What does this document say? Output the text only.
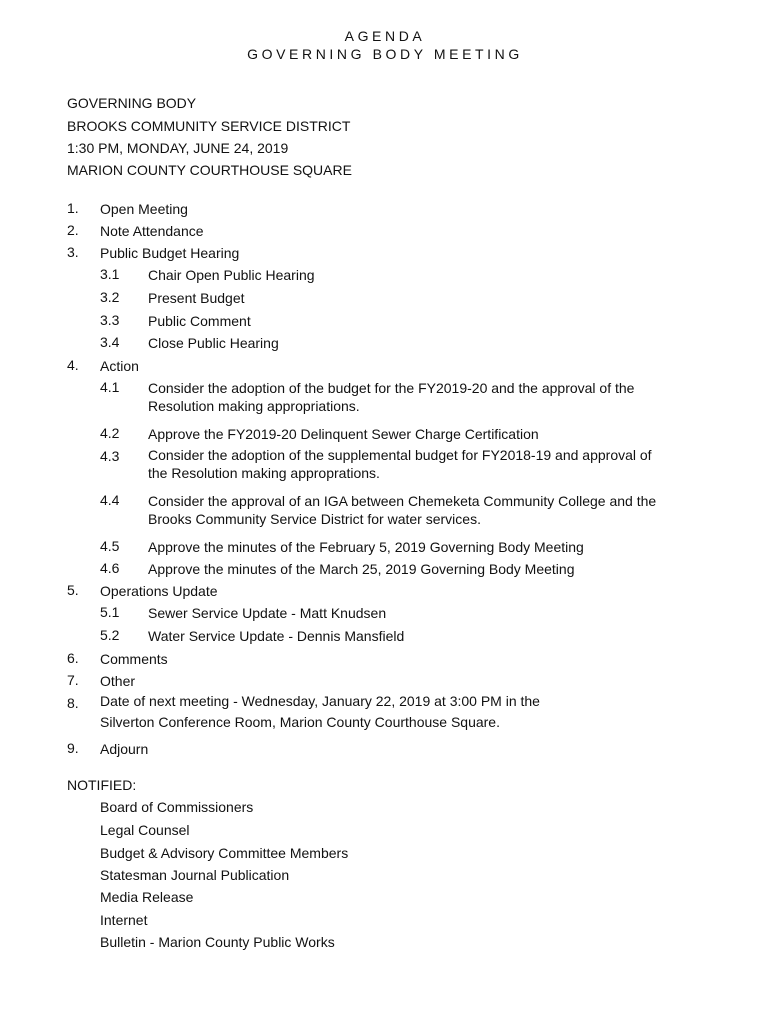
AGENDA
GOVERNING BODY MEETING
GOVERNING BODY
BROOKS COMMUNITY SERVICE DISTRICT
1:30 PM, MONDAY, JUNE 24, 2019
MARION COUNTY COURTHOUSE SQUARE
1. Open Meeting
2. Note Attendance
3. Public Budget Hearing
3.1 Chair Open Public Hearing
3.2 Present Budget
3.3 Public Comment
3.4 Close Public Hearing
4. Action
4.1 Consider the adoption of the budget for the FY2019-20 and the approval of the Resolution making appropriations.
4.2 Approve the FY2019-20 Delinquent Sewer Charge Certification
4.3 Consider the adoption of the supplemental budget for FY2018-19 and approval of the Resolution making approprations.
4.4 Consider the approval of an IGA between Chemeketa Community College and the Brooks Community Service District for water services.
4.5 Approve the minutes of the February 5, 2019 Governing Body Meeting
4.6 Approve the minutes of the March 25, 2019 Governing Body Meeting
5. Operations Update
5.1 Sewer Service Update - Matt Knudsen
5.2 Water Service Update - Dennis Mansfield
6. Comments
7. Other
8. Date of next meeting - Wednesday, January 22, 2019 at 3:00 PM in the
Silverton Conference Room, Marion County Courthouse Square.
9. Adjourn
NOTIFIED:
Board of Commissioners
Legal Counsel
Budget & Advisory Committee Members
Statesman Journal Publication
Media Release
Internet
Bulletin - Marion County Public Works
